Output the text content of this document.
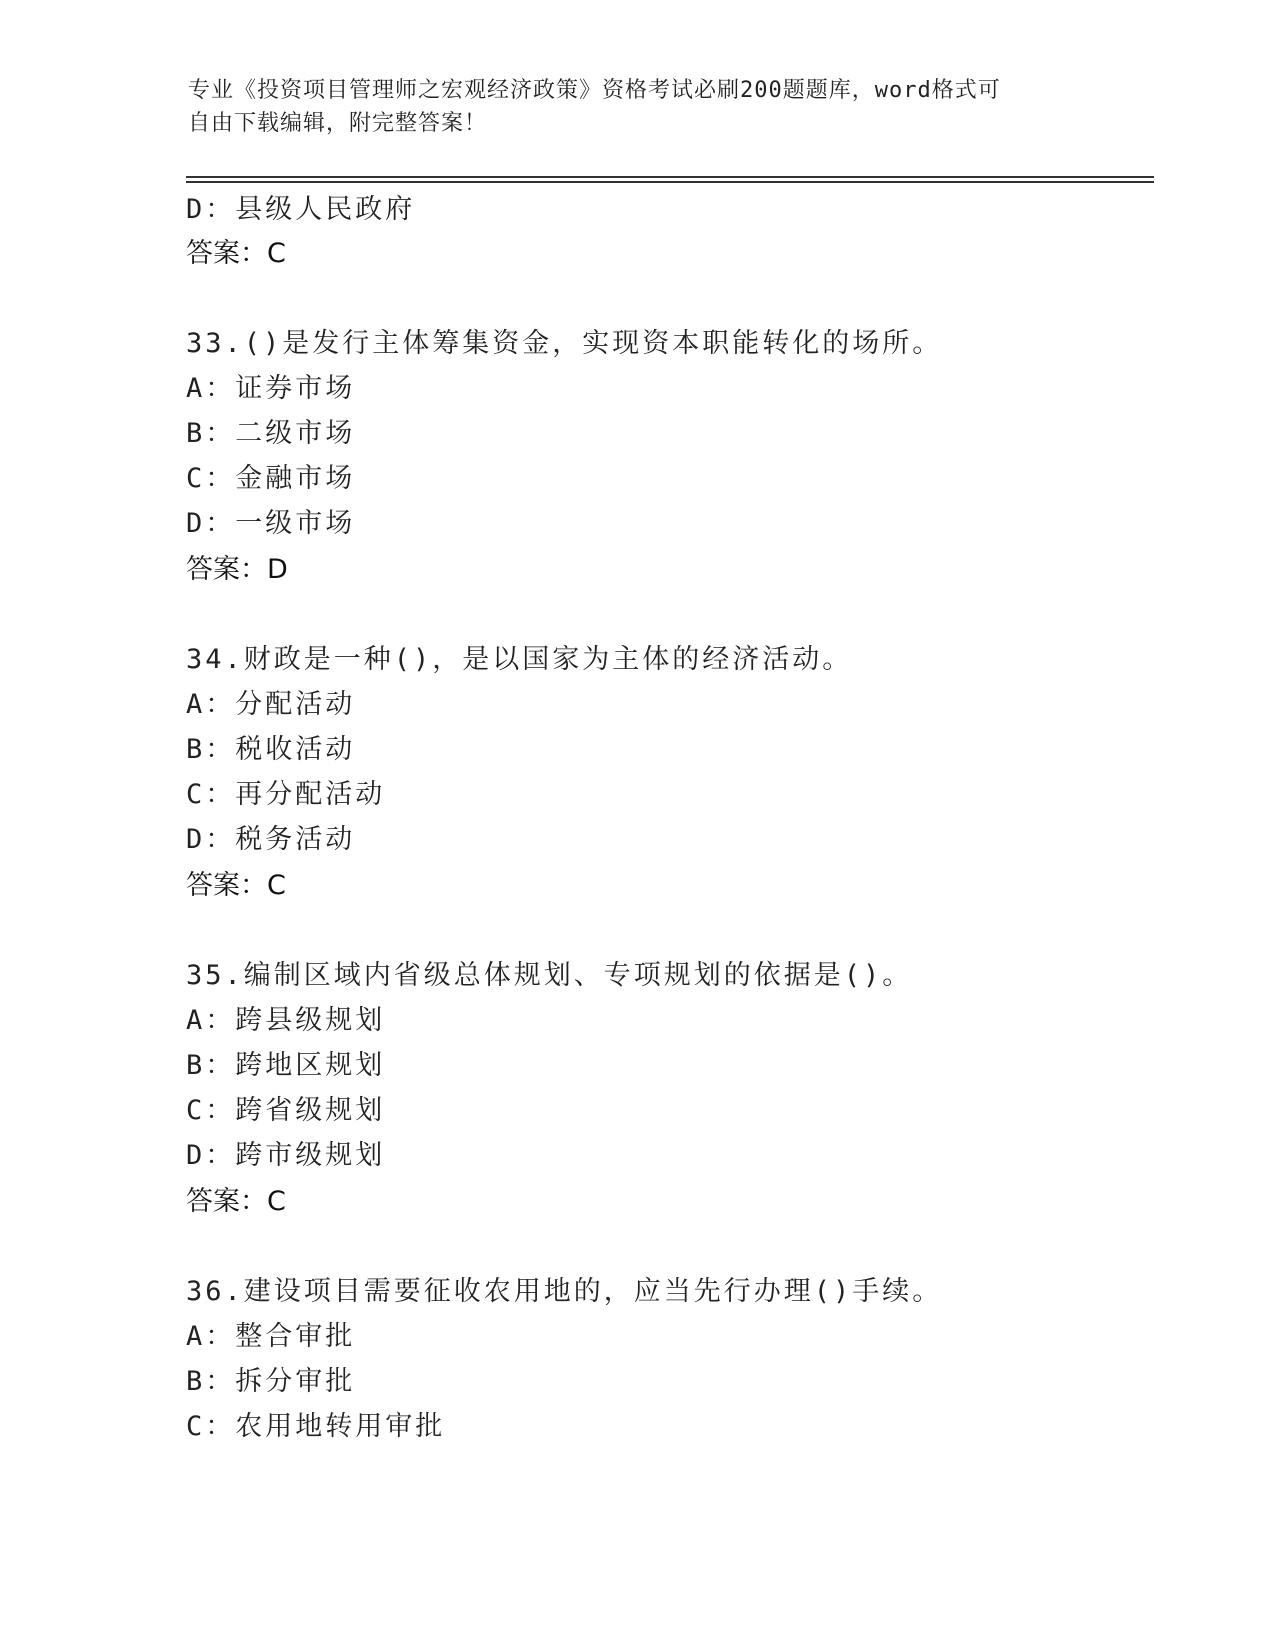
专业《投资项目管理师之宏观经济政策》资格考试必刷200题题库，word格式可
自由下载编辑，附完整答案！
D：县级人民政府
答案：C
33.()是发行主体筹集资金，实现资本职能转化的场所。
A：证券市场
B：二级市场
C：金融市场
D：一级市场
答案：D
34.财政是一种()，是以国家为主体的经济活动。
A：分配活动
B：税收活动
C：再分配活动
D：税务活动
答案：C
35.编制区域内省级总体规划、专项规划的依据是()。
A：跨县级规划
B：跨地区规划
C：跨省级规划
D：跨市级规划
答案：C
36.建设项目需要征收农用地的，应当先行办理()手续。
A：整合审批
B：拆分审批
C：农用地转用审批
